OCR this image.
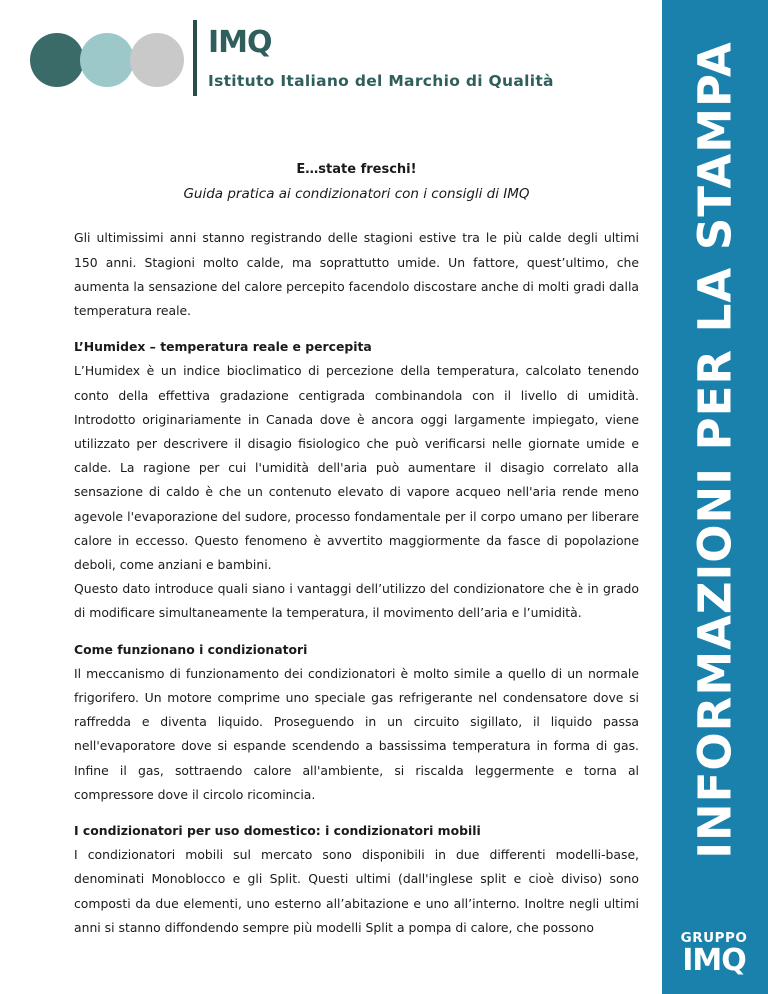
IMQ
Istituto Italiano del Marchio di Qualità	INFORMAZIONI PER LA STAMPA
GRUPPO
IMQ

E…state freschi!

Guida pratica ai condizionatori con i consigli di IMQ

Gli ultimissimi anni stanno registrando delle stagioni estive tra le più calde degli ultimi 150 anni. Stagioni molto calde, ma soprattutto umide. Un fattore, quest’ultimo, che aumenta la sensazione del calore percepito facendolo discostare anche di molti gradi dalla temperatura reale.

L’Humidex – temperatura reale e percepita

L’Humidex è un indice bioclimatico di percezione della temperatura, calcolato tenendo conto della effettiva gradazione centigrada combinandola con il livello di umidità. Introdotto originariamente in Canada dove è ancora oggi largamente impiegato, viene utilizzato per descrivere il disagio fisiologico che può verificarsi nelle giornate umide e calde. La ragione per cui l'umidità dell'aria può aumentare il disagio correlato alla sensazione di caldo è che un contenuto elevato di vapore acqueo nell'aria rende meno agevole l'evaporazione del sudore, processo fondamentale per il corpo umano per liberare calore in eccesso. Questo fenomeno è avvertito maggiormente da fasce di popolazione deboli, come anziani e bambini.

Questo dato introduce quali siano i vantaggi dell’utilizzo del condizionatore che è in grado di modificare simultaneamente la temperatura, il movimento dell’aria e l’umidità.

Come funzionano i condizionatori

Il meccanismo di funzionamento dei condizionatori è molto simile a quello di un normale frigorifero. Un motore comprime uno speciale gas refrigerante nel condensatore dove si raffredda e diventa liquido. Proseguendo in un circuito sigillato, il liquido passa nell'evaporatore dove si espande scendendo a bassissima temperatura in forma di gas. Infine il gas, sottraendo calore all'ambiente, si riscalda leggermente e torna al compressore dove il circolo ricomincia.

I condizionatori per uso domestico: i condizionatori mobili

I condizionatori mobili sul mercato sono disponibili in due differenti modelli-base, denominati Monoblocco e gli Split. Questi ultimi (dall'inglese split e cioè diviso) sono composti da due elementi, uno esterno all’abitazione e uno all’interno. Inoltre negli ultimi anni si stanno diffondendo sempre più modelli Split a pompa di calore, che possono
